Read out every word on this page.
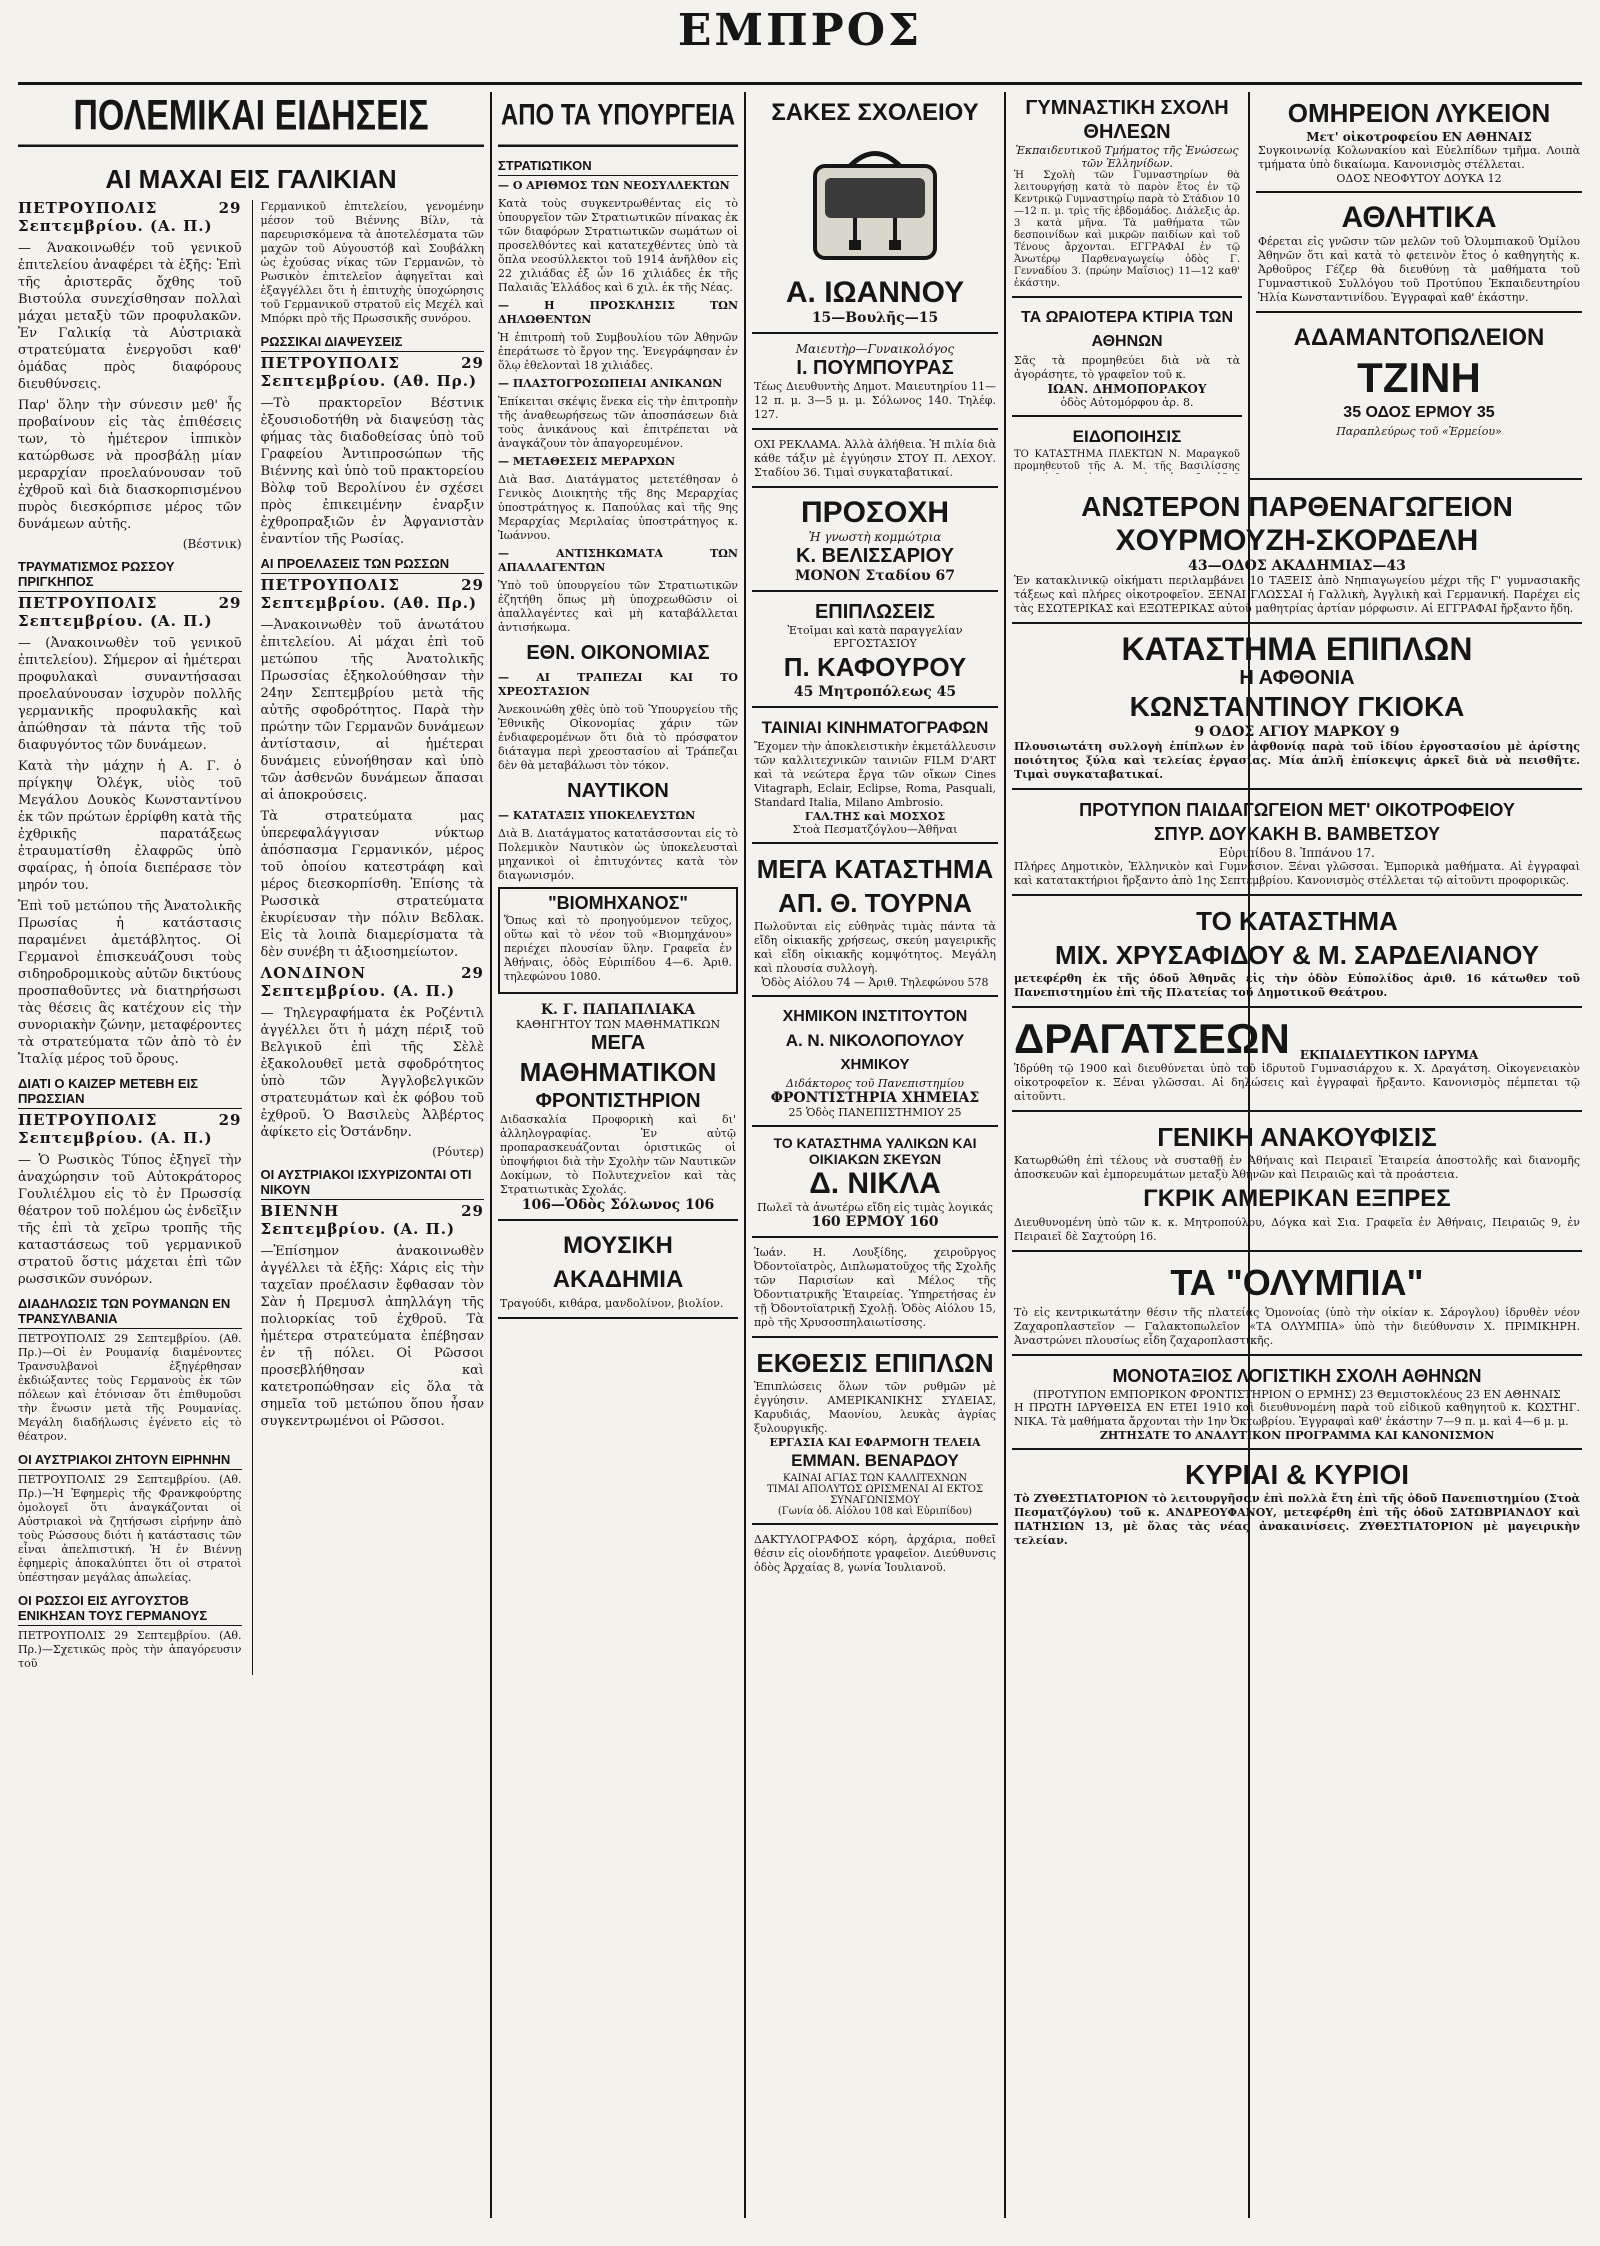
ΕΜΠΡΟΣ
ΠΟΛΕΜΙΚΑΙ ΕΙΔΗΣΕΙΣ
ΑΙ ΜΑΧΑΙ ΕΙΣ ΓΑΛΙΚΙΑΝ

ΠΕΤΡΟΥΠΟΛΙΣ 29 Σεπτεμβρίου. (Α. Π.)

— Άνακοινωθέν τοῦ γενικοῦ ἐπιτελείου ἀναφέρει τὰ ἑξῆς: Ἐπὶ τῆς ἀριστερᾶς ὄχθης τοῦ Βιστούλα συνεχίσθησαν πολλαὶ μάχαι μεταξὺ τῶν προφυλακῶν. Ἐν Γαλικίᾳ τὰ Αὐστριακὰ στρατεύματα ἐνεργοῦσι καθ' ὁμάδας πρὸς διαφόρους διευθύνσεις.

Παρ' ὅλην τὴν σύνεσιν μεθ' ἧς προβαίνουν εἰς τὰς ἐπιθέσεις των, τὸ ἡμέτερον ἱππικὸν κατώρθωσε νὰ προσβάλῃ μίαν μεραρχίαν προελαύνουσαν τοῦ ἐχθροῦ καὶ διὰ διασκορπισμένου πυρὸς διεσκόρπισε μέρος τῶν δυνάμεων αὐτῆς.

(Βέστνικ)
ΤΡΑΥΜΑΤΙΣΜΟΣ ΡΩΣΣΟΥ ΠΡΙΓΚΗΠΟΣ

ΠΕΤΡΟΥΠΟΛΙΣ 29 Σεπτεμβρίου. (Α. Π.)

— (Ἀνακοινωθὲν τοῦ γενικοῦ ἐπιτελείου). Σήμερον αἱ ἡμέτεραι προφυλακαὶ συναντήσασαι προελαύνουσαν ἰσχυρὸν πολλῆς γερμανικῆς προφυλακῆς καὶ ἀπώθησαν τὰ πάντα τῆς τοῦ διαφυγόντος τῶν δυνάμεων.

Κατὰ τὴν μάχην ἡ Α. Γ. ὁ πρίγκηψ Ὀλέγκ, υἱὸς τοῦ Μεγάλου Δουκὸς Κωνσταντίνου ἐκ τῶν πρώτων ἐρρίφθη κατὰ τῆς ἐχθρικῆς παρατάξεως ἐτραυματίσθη ἐλαφρῶς ὑπὸ σφαίρας, ἡ ὁποία διεπέρασε τὸν μηρόν του.

Ἐπὶ τοῦ μετώπου τῆς Ἀνατολικῆς Πρωσίας ἡ κατάστασις παραμένει ἀμετάβλητος. Οἱ Γερμανοὶ ἐπισκευάζουσι τοὺς σιδηροδρομικοὺς αὐτῶν δικτύους προσπαθοῦντες νὰ διατηρήσωσι τὰς θέσεις ἃς κατέχουν εἰς τὴν συνοριακὴν ζώνην, μεταφέροντες τὰ στρατεύματα τῶν ἀπὸ τὸ ἐν Ἰταλίᾳ μέρος τοῦ ὄρους.

ΔΙΑΤΙ Ο ΚΑΙΖΕΡ ΜΕΤΕΒΗ ΕΙΣ ΠΡΩΣΣΙΑΝ

ΠΕΤΡΟΥΠΟΛΙΣ 29 Σεπτεμβρίου. (Α. Π.)

— Ὁ Ρωσικὸς Τύπος ἐξηγεῖ τὴν ἀναχώρησιν τοῦ Αὐτοκράτορος Γουλιέλμου εἰς τὸ ἐν Πρωσσίᾳ θέατρον τοῦ πολέμου ὡς ἐνδεῖξιν τῆς ἐπὶ τὰ χεῖρω τροπῆς τῆς καταστάσεως τοῦ γερμανικοῦ στρατοῦ ὅστις μάχεται ἐπὶ τῶν ρωσσικῶν συνόρων.

ΔΙΑΔΗΛΩΣΙΣ ΤΩΝ ΡΟΥΜΑΝΩΝ ΕΝ ΤΡΑΝΣΥΛΒΑΝΙΑ

ΠΕΤΡΟΥΠΟΛΙΣ 29 Σεπτεμβρίου. (Αθ. Πρ.)—Οἱ ἐν Ρουμανίᾳ διαμένοντες Τρανσυλβανοὶ ἐξηγέρθησαν ἐκδιώξαντες τοὺς Γερμανοὺς ἐκ τῶν πόλεων καὶ ἐτόνισαν ὅτι ἐπιθυμοῦσι τὴν ἕνωσιν μετὰ τῆς Ρουμανίας. Μεγάλη διαδήλωσις ἐγένετο εἰς τὸ θέατρον.

ΟΙ ΑΥΣΤΡΙΑΚΟΙ ΖΗΤΟΥΝ ΕΙΡΗΝΗΝ

ΠΕΤΡΟΥΠΟΛΙΣ 29 Σεπτεμβρίου. (Αθ. Πρ.)—Ἡ Ἐφημερὶς τῆς Φρανκφούρτης ὁμολογεῖ ὅτι ἀναγκάζονται οἱ Αὐστριακοὶ νὰ ζητήσωσι εἰρήνην ἀπὸ τοὺς Ρώσσους διότι ἡ κατάστασις τῶν εἶναι ἀπελπιστική. Ἡ ἐν Βιέννῃ ἐφημερὶς ἀποκαλύπτει ὅτι οἱ στρατοὶ ὑπέστησαν μεγάλας ἀπωλείας.

ΟΙ ΡΩΣΣΟΙ ΕΙΣ ΑΥΓΟΥΣΤΟΒ ΕΝΙΚΗΣΑΝ ΤΟΥΣ ΓΕΡΜΑΝΟΥΣ

ΠΕΤΡΟΥΠΟΛΙΣ 29 Σεπτεμβρίου. (Αθ. Πρ.)—Σχετικῶς πρὸς τὴν ἀπαγόρευσιν τοῦ

Γερμανικοῦ ἐπιτελείου, γενομένην μέσον τοῦ Βιέννης Βίλν, τὰ παρευρισκόμενα τὰ ἀποτελέσματα τῶν μαχῶν τοῦ Αὐγουστόβ καὶ Σουβάλκη ὡς ἐχούσας νίκας τῶν Γερμανῶν, τὸ Ρωσικὸν ἐπιτελεῖον ἀφηγεῖται καὶ ἐξαγγέλλει ὅτι ἡ ἐπιτυχὴς ὑποχώρησις τοῦ Γερμανικοῦ στρατοῦ εἰς Μεχέλ καὶ Μπόρκι πρὸ τῆς Πρωσσικῆς συνόρου.

ΡΩΣΣΙΚΑΙ ΔΙΑΨΕΥΣΕΙΣ

ΠΕΤΡΟΥΠΟΛΙΣ 29 Σεπτεμβρίου. (Αθ. Πρ.)

—Τὸ πρακτορεῖον Βέστνικ ἐξουσιοδοτήθη νὰ διαψεύσῃ τὰς φήμας τὰς διαδοθείσας ὑπὸ τοῦ Γραφείου Ἀντιπροσώπων τῆς Βιέννης καὶ ὑπὸ τοῦ πρακτορείου Βὸλφ τοῦ Βερολίνου ἐν σχέσει πρὸς ἐπικειμένην ἐναρξιν ἐχθροπραξιῶν ἐν Ἀφγανιστὰν ἐναντίον τῆς Ρωσίας.

ΑΙ ΠΡΟΕΛΑΣΕΙΣ ΤΩΝ ΡΩΣΣΩΝ

ΠΕΤΡΟΥΠΟΛΙΣ 29 Σεπτεμβρίου. (Αθ. Πρ.)

—Ἀνακοινωθὲν τοῦ ἀνωτάτου ἐπιτελείου. Αἱ μάχαι ἐπὶ τοῦ μετώπου τῆς Ἀνατολικῆς Πρωσσίας ἐξηκολούθησαν τὴν 24ην Σεπτεμβρίου μετὰ τῆς αὐτῆς σφοδρότητος. Παρὰ τὴν πρώτην τῶν Γερμανῶν δυνάμεων ἀντίστασιν, αἱ ἡμέτεραι δυνάμεις εὐνοήθησαν καὶ ὑπὸ τῶν ἀσθενῶν δυνάμεων ἄπασαι αἱ ἀποκρούσεις.

Τὰ στρατεύματα μας ὑπερεφαλάγγισαν νύκτωρ ἀπόσπασμα Γερμανικόν, μέρος τοῦ ὁποίου κατεστράφη καὶ μέρος διεσκορπίσθη. Ἐπίσης τὰ Ρωσσικὰ στρατεύματα ἐκυρίευσαν τὴν πόλιν Βεδλακ. Εἰς τὰ λοιπὰ διαμερίσματα τὰ δὲν συνέβη τι ἀξιοσημείωτον.

ΛΟΝΔΙΝΟΝ 29 Σεπτεμβρίου. (Α. Π.)

— Τηλεγραφήματα ἐκ Ροζέντιλ ἀγγέλλει ὅτι ἡ μάχη πέριξ τοῦ Βελγικοῦ ἐπὶ τῆς Σὲλὲ ἐξακολουθεῖ μετὰ σφοδρότητος ὑπὸ τῶν Ἀγγλοβελγικῶν στρατευμάτων καὶ ἐκ φόβου τοῦ ἐχθροῦ. Ὁ Βασιλεὺς Ἀλβέρτος ἀφίκετο εἰς Ὀστάνδην.

(Ρόυτερ)
ΟΙ ΑΥΣΤΡΙΑΚΟΙ ΙΣΧΥΡΙΖΟΝΤΑΙ ΟΤΙ ΝΙΚΟΥΝ

ΒΙΕΝΝΗ 29 Σεπτεμβρίου. (Α. Π.)

—Ἐπίσημον ἀνακοινωθὲν ἀγγέλλει τὰ ἑξῆς: Χάρις εἰς τὴν ταχεῖαν προέλασιν ἔφθασαν τὸν Σὰν ἡ Πρεμυσλ ἀπηλλάγη τῆς πολιορκίας τοῦ ἐχθροῦ. Τὰ ἡμέτερα στρατεύματα ἐπέβησαν ἐν τῇ πόλει. Οἱ Ρῶσσοι προσεβλήθησαν καὶ κατετροπώθησαν εἰς ὅλα τὰ σημεῖα τοῦ μετώπου ὅπου ἦσαν συγκεντρωμένοι οἱ Ρῶσσοι.

ΑΠΟ ΤΑ ΥΠΟΥΡΓΕΙΑ
ΣΤΡΑΤΙΩΤΙΚΟΝ

— Ο ΑΡΙΘΜΟΣ ΤΩΝ ΝΕΟΣΥΛΛΕΚΤΩΝ

Κατὰ τοὺς συγκεντρωθέντας εἰς τὸ ὑπουργεῖον τῶν Στρατιωτικῶν πίνακας ἐκ τῶν διαφόρων Στρατιωτικῶν σωμάτων οἱ προσελθόντες καὶ κατατεχθέντες ὑπὸ τὰ ὅπλα νεοσύλλεκτοι τοῦ 1914 ἀνῆλθον εἰς 22 χιλιάδας ἐξ ὧν 16 χιλιάδες ἐκ τῆς Παλαιᾶς Ἑλλάδος καὶ 6 χιλ. ἐκ τῆς Νέας.

— Η ΠΡΟΣΚΛΗΣΙΣ ΤΩΝ ΔΗΛΩΘΕΝΤΩΝ

Ἡ ἐπιτροπὴ τοῦ Συμβουλίου τῶν Ἀθηνῶν ἐπεράτωσε τὸ ἔργον της. Ἐνεγράφησαν ἐν ὅλῳ ἐθελονταὶ 18 χιλιάδες.

— ΠΛΑΣΤΟΓΡΟΣΩΠΕΙΑΙ ΑΝΙΚΑΝΩΝ

Ἐπίκειται σκέψις ἕνεκα εἰς τὴν ἐπιτροπὴν τῆς ἀναθεωρήσεως τῶν ἀποσπάσεων διὰ τοὺς ἀνικάνους καὶ ἐπιτρέπεται νὰ ἀναγκάζουν τὸν ἀπαγορευμένον.

— ΜΕΤΑΘΕΣΕΙΣ ΜΕΡΑΡΧΩΝ

Διὰ Βασ. Διατάγματος μετετέθησαν ὁ Γενικὸς Διοικητὴς τῆς 8ης Μεραρχίας ὑποστράτηγος κ. Παπούλας καὶ τῆς 9ης Μεραρχίας Μεριλαίας ὑποστράτηγος κ. Ἰωάννου.

— ΑΝΤΙΣΗΚΩΜΑΤΑ ΤΩΝ ΑΠΑΛΛΑΓΕΝΤΩΝ

Ὑπὸ τοῦ ὑπουργείου τῶν Στρατιωτικῶν ἐζητήθη ὅπως μὴ ὑποχρεωθῶσιν οἱ ἀπαλλαγέντες καὶ μὴ καταβάλλεται ἀντισήκωμα.

ΕΘΝ. ΟΙΚΟΝΟΜΙΑΣ

— ΑΙ ΤΡΑΠΕΖΑΙ ΚΑΙ ΤΟ ΧΡΕΟΣΤΑΣΙΟΝ

Ἀνεκοινώθη χθὲς ὑπὸ τοῦ Ὑπουργείου τῆς Ἐθνικῆς Οἰκονομίας χάριν τῶν ἐνδιαφερομένων ὅτι διὰ τὸ πρόσφατον διάταγμα περὶ χρεοστασίου αἱ Τράπεζαι δὲν θὰ μεταβάλωσι τὸν τόκον.

ΝΑΥΤΙΚΟΝ

— ΚΑΤΑΤΑΞΙΣ ΥΠΟΚΕΛΕΥΣΤΩΝ

Διὰ Β. Διατάγματος κατατάσσονται εἰς τὸ Πολεμικὸν Ναυτικὸν ὡς ὑποκελευσταὶ μηχανικοὶ οἱ ἐπιτυχόντες κατὰ τὸν διαγωνισμόν.

"ΒΙΟΜΗΧΑΝΟΣ"

Ὅπως καὶ τὸ προηγούμενον τεῦχος, οὕτω καὶ τὸ νέον τοῦ «Βιομηχάνου» περιέχει πλουσίαν ὕλην. Γραφεῖα ἐν Ἀθήναις, ὁδὸς Εὐριπίδου 4—6. Ἀριθ. τηλεφώνου 1080.

Κ. Γ. ΠΑΠΑΠΛΙΑΚΑ
ΚΑΘΗΓΗΤΟΥ ΤΩΝ ΜΑΘΗΜΑΤΙΚΩΝ
ΜΕΓΑ
ΜΑΘΗΜΑΤΙΚΟΝ
ΦΡΟΝΤΙΣΤΗΡΙΟΝ
Διδασκαλία Προφορικὴ καὶ δι' ἀλληλογραφίας. Ἐν αὐτῷ προπαρασκευάζονται ὁριστικῶς οἱ ὑποψήφιοι διὰ τὴν Σχολὴν τῶν Ναυτικῶν Δοκίμων, τὸ Πολυτεχνεῖον καὶ τὰς Στρατιωτικὰς Σχολάς.
106—Ὁδὸς Σόλωνος 106
ΜΟΥΣΙΚΗ ΑΚΑΔΗΜΙΑ
Τραγούδι, κιθάρα, μανδολίνον, βιολίον.
ΣΑΚΕΣ ΣΧΟΛΕΙΟΥ
Α. ΙΩΑΝΝΟΥ
15—Βουλῆς—15
Μαιευτὴρ—Γυναικολόγος
Ι. ΠΟΥΜΠΟΥΡΑΣ
Τέως Διευθυντὴς Δημοτ. Μαιευτηρίου 11—12 π. μ. 3—5 μ. μ. Σόλωνος 140. Τηλέφ. 127.
ΟΧΙ ΡΕΚΛΑΜΑ. Ἀλλὰ ἀλήθεια. Ἡ πιλία διὰ κάθε τάξιν μὲ ἐγγύησιν ΣΤΟΥ Π. ΛΕΧΟΥ. Σταδίου 36. Τιμαὶ συγκαταβατικαί.
ΠΡΟΣΟΧΗ
Ἡ γνωστὴ κομμώτρια
Κ. ΒΕΛΙΣΣΑΡΙΟΥ
ΜΟΝΟΝ Σταδίου 67
ΕΠΙΠΛΩΣΕΙΣ
Ἐτοῖμαι καὶ κατὰ παραγγελίαν ΕΡΓΟΣΤΑΣΙΟΥ
Π. ΚΑΦΟΥΡΟΥ
45 Μητροπόλεως 45
ΤΑΙΝΙΑΙ ΚΙΝΗΜΑΤΟΓΡΑΦΩΝ
Ἔχομεν τὴν ἀποκλειστικὴν ἐκμετάλλευσιν τῶν καλλιτεχνικῶν ταινιῶν FILM D'ART καὶ τὰ νεώτερα ἔργα τῶν οἴκων Cines Vitagraph, Eclair, Eclipse, Roma, Pasquali, Standard Italia, Milano Ambrosio.
ΓΑΛ.ΤΗΣ καὶ ΜΟΣΧΟΣ
Στοὰ Πεσματζόγλου—Ἀθῆναι
ΜΕΓΑ ΚΑΤΑΣΤΗΜΑ
ΑΠ. Θ. ΤΟΥΡΝΑ
Πωλοῦνται εἰς εὐθηνὰς τιμὰς πάντα τὰ εἴδη οἰκιακῆς χρήσεως, σκεύη μαγειρικῆς καὶ εἴδη οἰκιακῆς κομψότητος. Μεγάλη καὶ πλουσία συλλογὴ.
Ὁδὸς Αἰόλου 74 — Ἀριθ. Τηλεφώνου 578
ΧΗΜΙΚΟΝ ΙΝΣΤΙΤΟΥΤΟΝ
Α. Ν. ΝΙΚΟΛΟΠΟΥΛΟΥ
ΧΗΜΙΚΟΥ
Διδάκτορος τοῦ Πανεπιστημίου
ΦΡΟΝΤΙΣΤΗΡΙΑ ΧΗΜΕΙΑΣ
25 Ὁδὸς ΠΑΝΕΠΙΣΤΗΜΙΟΥ 25
ΤΟ ΚΑΤΑΣΤΗΜΑ ΥΑΛΙΚΩΝ ΚΑΙ ΟΙΚΙΑΚΩΝ ΣΚΕΥΩΝ
Δ. ΝΙΚΛΑ
Πωλεῖ τὰ ἀνωτέρω εἴδη εἰς τιμὰς λογικάς
160 ΕΡΜΟΥ 160
Ἰωάν. Η. Λουξίδης, χειροῦργος Ὀδοντοϊατρὸς, Διπλωματοῦχος τῆς Σχολῆς τῶν Παρισίων καὶ Μέλος τῆς Ὀδοντιατρικῆς Ἑταιρείας. Ὑπηρετήσας ἐν τῇ Ὀδοντοϊατρικῇ Σχολῇ. Ὁδὸς Αἰόλου 15, πρὸ τῆς Χρυσοσπηλαιωτίσσης.
ΕΚΘΕΣΙΣ ΕΠΙΠΛΩΝ
Ἐπιπλώσεις ὅλων τῶν ρυθμῶν μὲ ἐγγύησιν. ΑΜΕΡΙΚΑΝΙΚΗΣ ΣΥΔΕΙΑΣ, Καρυδιάς, Μαονίου, λευκὰς ἀγρίας ξυλουργικῆς.
ΕΡΓΑΣΙΑ ΚΑΙ ΕΦΑΡΜΟΓΗ ΤΕΛΕΙΑ
ΕΜΜΑΝ. ΒΕΝΑΡΔΟΥ
ΚΑΙΝΑΙ ΑΓΙΑΣ ΤΩΝ ΚΑΛΛΙΤΕΧΝΩΝ
ΤΙΜΑΙ ΑΠΟΛΥΤΩΣ ΩΡΙΣΜΕΝΑΙ ΑΙ ΕΚΤΟΣ ΣΥΝΑΓΩΝΙΣΜΟΥ
(Γωνία ὁδ. Αἰόλου 108 καὶ Εὐριπίδου)
ΔΑΚΤΥΛΟΓΡΑΦΟΣ κόρη, ἀρχάρια, ποθεῖ θέσιν εἰς οἰονδήποτε γραφεῖον. Διεύθυνσις ὁδὸς Ἀρχαίας 8, γωνία Ἰουλιανοῦ.
ΟΜΗΡΕΙΟΝ ΛΥΚΕΙΟΝ
Μετ' οἰκοτροφείου ΕΝ ΑΘΗΝΑΙΣ
Συγκοινωνίᾳ Κολωνακίου καὶ Εὐελπίδων τμῆμα. Λοιπὰ τμήματα ὑπὸ δικαίωμα. Κανονισμὸς στέλλεται.
ΟΔΟΣ ΝΕΟΦΥΤΟΥ ΔΟΥΚΑ 12
ΑΘΛΗΤΙΚΑ
Φέρεται εἰς γνῶσιν τῶν μελῶν τοῦ Ὁλυμπιακοῦ Ὁμίλου Ἀθηνῶν ὅτι καὶ κατὰ τὸ φετεινὸν ἔτος ὁ καθηγητὴς κ. Ἀρθοῦρος Γέζερ θὰ διευθύνῃ τὰ μαθήματα τοῦ Γυμναστικοῦ Συλλόγου τοῦ Προτύπου Ἐκπαιδευτηρίου Ἠλία Κωνσταντινίδου. Ἐγγραφαὶ καθ' ἑκάστην.
ΑΔΑΜΑΝΤΟΠΩΛΕΙΟΝ
ΤΖΙΝΗ
35 ΟΔΟΣ ΕΡΜΟΥ 35
Παραπλεύρως τοῦ «Ἑρμείου»
ΓΥΜΝΑΣΤΙΚΗ ΣΧΟΛΗ ΘΗΛΕΩΝ
Ἐκπαιδευτικοῦ Τμήματος τῆς Ἑνώσεως τῶν Ἑλληνίδων.
Ἡ Σχολὴ τῶν Γυμναστηρίων θὰ λειτουργήσῃ κατὰ τὸ παρὸν ἔτος ἐν τῷ Κεντρικῷ Γυμναστηρίῳ παρὰ τὸ Στάδιον 10—12 π. μ. τρὶς τῆς ἑβδομάδος. Διάλεξις ἀρ. 3 κατὰ μῆνα. Τὰ μαθήματα τῶν δεσποινίδων καὶ μικρῶν παιδίων καὶ τοῦ Τένους ἄρχονται. ΕΓΓΡΑΦΑΙ ἐν τῷ Ἀνωτέρῳ Παρθεναγωγείῳ ὁδὸς Γ. Γενναδίου 3. (πρώην Μαΐσιος) 11—12 καθ' ἑκάστην.
ΤΑ ΩΡΑΙΟΤΕΡΑ ΚΤΙΡΙΑ ΤΩΝ ΑΘΗΝΩΝ
Σᾶς τὰ προμηθεύει διὰ νὰ τὰ ἀγοράσητε, τὸ γραφεῖον τοῦ κ.
ΙΩΑΝ. ΔΗΜΟΠΟΡΑΚΟΥ
ὁδὸς Αὐτομόρφου ἀρ. 8.
ΕΙΔΟΠΟΙΗΣΙΣ
ΤΟ ΚΑΤΑΣΤΗΜΑ ΠΛΕΚΤΩΝ Ν. Μαραγκοῦ προμηθευτοῦ τῆς Α. Μ. τῆς Βασιλίσσης
ΑΝΩΤΕΡΟΝ ΠΑΡΘΕΝΑΓΩΓΕΙΟΝ
ΧΟΥΡΜΟΥΖΗ-ΣΚΟΡΔΕΛΗ
43—ΟΔΟΣ ΑΚΑΔΗΜΙΑΣ—43
Ἐν κατακλινικῷ οἰκήματι περιλαμβάνει 10 ΤΑΞΕΙΣ ἀπὸ Νηπιαγωγείου μέχρι τῆς Γ' γυμνασιακῆς τάξεως καὶ πλήρες οἰκοτροφεῖον. ΞΕΝΑΙ ΓΛΩΣΣΑΙ ἡ Γαλλικὴ, Ἀγγλικὴ καὶ Γερμανική. Παρέχει εἰς τὰς ΕΣΩΤΕΡΙΚΑΣ καὶ ΕΞΩΤΕΡΙΚΑΣ αὐτοῦ μαθητρίας ἀρτίαν μόρφωσιν. Αἱ ΕΓΓΡΑΦΑΙ ἤρξαντο ἤδη.
ΚΑΤΑΣΤΗΜΑ ΕΠΙΠΛΩΝ
Η ΑΦΘΟΝΙΑ
ΚΩΝΣΤΑΝΤΙΝΟΥ ΓΚΙΟΚΑ
9 ΟΔΟΣ ΑΓΙΟΥ ΜΑΡΚΟΥ 9
Πλουσιωτάτη συλλογὴ ἐπίπλων ἐν ἀφθονίᾳ παρὰ τοῦ ἰδίου ἐργοστασίου μὲ ἀρίστης ποιότητος ξύλα καὶ τελείας ἐργασίας. Μία ἁπλῆ ἐπίσκεψις ἀρκεῖ διὰ νὰ πεισθῆτε. Τιμαὶ συγκαταβατικαί.
ΠΡΟΤΥΠΟΝ ΠΑΙΔΑΓΩΓΕΙΟΝ ΜΕΤ' ΟΙΚΟΤΡΟΦΕΙΟΥ
ΣΠΥΡ. ΔΟΥΚΑΚΗ Β. ΒΑΜΒΕΤΣΟΥ
Εὐριπίδου 8. Ἱππάνου 17.
Πλήρες Δημοτικὸν, Ἑλληνικὸν καὶ Γυμνάσιον. Ξέναι γλῶσσαι. Ἐμπορικὰ μαθήματα. Αἱ ἐγγραφαὶ καὶ κατατακτήριοι ἤρξαντο ἀπὸ 1ης Σεπτεμβρίου. Κανονισμὸς στέλλεται τῷ αἰτοῦντι προφορικῶς.
ΤΟ ΚΑΤΑΣΤΗΜΑ
ΜΙΧ. ΧΡΥΣΑΦΙΔΟΥ & Μ. ΣΑΡΔΕΛΙΑΝΟΥ
μετεφέρθη ἐκ τῆς ὁδοῦ Ἀθηνᾶς εἰς τὴν ὁδὸν Εὐπολίδος ἀριθ. 16 κάτωθεν τοῦ Πανεπιστημίου ἐπὶ τῆς Πλατείας τοῦ Δημοτικοῦ Θεάτρου.
ΔΡΑΓΑΤΣΕΩΝ ΕΚΠΑΙΔΕΥΤΙΚΟΝ ΙΔΡΥΜΑ
Ἱδρύθη τῷ 1900 καὶ διευθύνεται ὑπὸ τοῦ ἱδρυτοῦ Γυμνασιάρχου κ. Χ. Δραγάτση. Οἰκογενειακὸν οἰκοτροφεῖον κ. Ξέναι γλῶσσαι. Αἱ δηλώσεις καὶ ἐγγραφαὶ ἤρξαντο. Κανονισμὸς πέμπεται τῷ αἰτοῦντι.
ΓΕΝΙΚΗ ΑΝΑΚΟΥΦΙΣΙΣ
Κατωρθώθη ἐπὶ τέλους νὰ συσταθῇ ἐν Ἀθήναις καὶ Πειραιεῖ Ἑταιρεία ἀποστολῆς καὶ διανομῆς ἀποσκευῶν καὶ ἐμπορευμάτων μεταξὺ Ἀθηνῶν καὶ Πειραιῶς καὶ τὰ προάστεια.
ΓΚΡΙΚ ΑΜΕΡΙΚΑΝ ΕΞΠΡΕΣ
Διευθυνομένη ὑπὸ τῶν κ. κ. Μητροπούλου, Δόγκα καὶ Σια. Γραφεῖα ἐν Ἀθήναις, Πειραιῶς 9, ἐν Πειραιεῖ δὲ Σαχτούρη 16.
ΤΑ "ΟΛΥΜΠΙΑ"
Τὸ εἰς κεντρικωτάτην θέσιν τῆς πλατείας Ὁμονοίας (ὑπὸ τὴν οἰκίαν κ. Σάρογλου) ἱδρυθὲν νέον Ζαχαροπλαστεῖον — Γαλακτοπωλεῖον «ΤΑ ΟΛΥΜΠΙΑ» ὑπὸ τὴν διεύθυνσιν Χ. ΠΡΙΜΙΚΗΡΗ. Ἀναστρώνει πλουσίως εἶδη ζαχαροπλαστικῆς.
ΜΟΝΟΤΑΞΙΟΣ ΛΟΓΙΣΤΙΚΗ ΣΧΟΛΗ ΑΘΗΝΩΝ
(ΠΡΟΤΥΠΟΝ ΕΜΠΟΡΙΚΟΝ ΦΡΟΝΤΙΣΤΗΡΙΟΝ Ο ΕΡΜΗΣ) 23 Θεμιστοκλέους 23 ΕΝ ΑΘΗΝΑΙΣ
Η ΠΡΩΤΗ ΙΔΡΥΘΕΙΣΑ ΕΝ ΕΤΕΙ 1910 καὶ διευθυνομένη παρὰ τοῦ εἰδικοῦ καθηγητοῦ κ. ΚΩΣΤΗΓ. ΝΙΚΑ. Τὰ μαθήματα ἄρχονται τὴν 1ην Ὀκτωβρίου. Ἐγγραφαὶ καθ' ἑκάστην 7—9 π. μ. καὶ 4—6 μ. μ.
ΖΗΤΗΣΑΤΕ ΤΟ ΑΝΑΛΥΤΙΚΟΝ ΠΡΟΓΡΑΜΜΑ ΚΑΙ ΚΑΝΟΝΙΣΜΟΝ
ΚΥΡΙΑΙ & ΚΥΡΙΟΙ
Τὸ ΖΥΘΕΣΤΙΑΤΟΡΙΟΝ τὸ λειτουργῆσαν ἐπὶ πολλὰ ἔτη ἐπὶ τῆς ὁδοῦ Πανεπιστημίου (Στοὰ Πεσματζόγλου) τοῦ κ. ΑΝΔΡΕΟΥΦΑΝΟΥ, μετεφέρθη ἐπὶ τῆς ὁδοῦ ΣΑΤΩΒΡΙΑΝΔΟΥ καὶ ΠΑΤΗΣΙΩΝ 13, μὲ ὅλας τὰς νέας ἀνακαινίσεις. ΖΥΘΕΣΤΙΑΤΟΡΙΟΝ μὲ μαγειρικὴν τελείαν.
